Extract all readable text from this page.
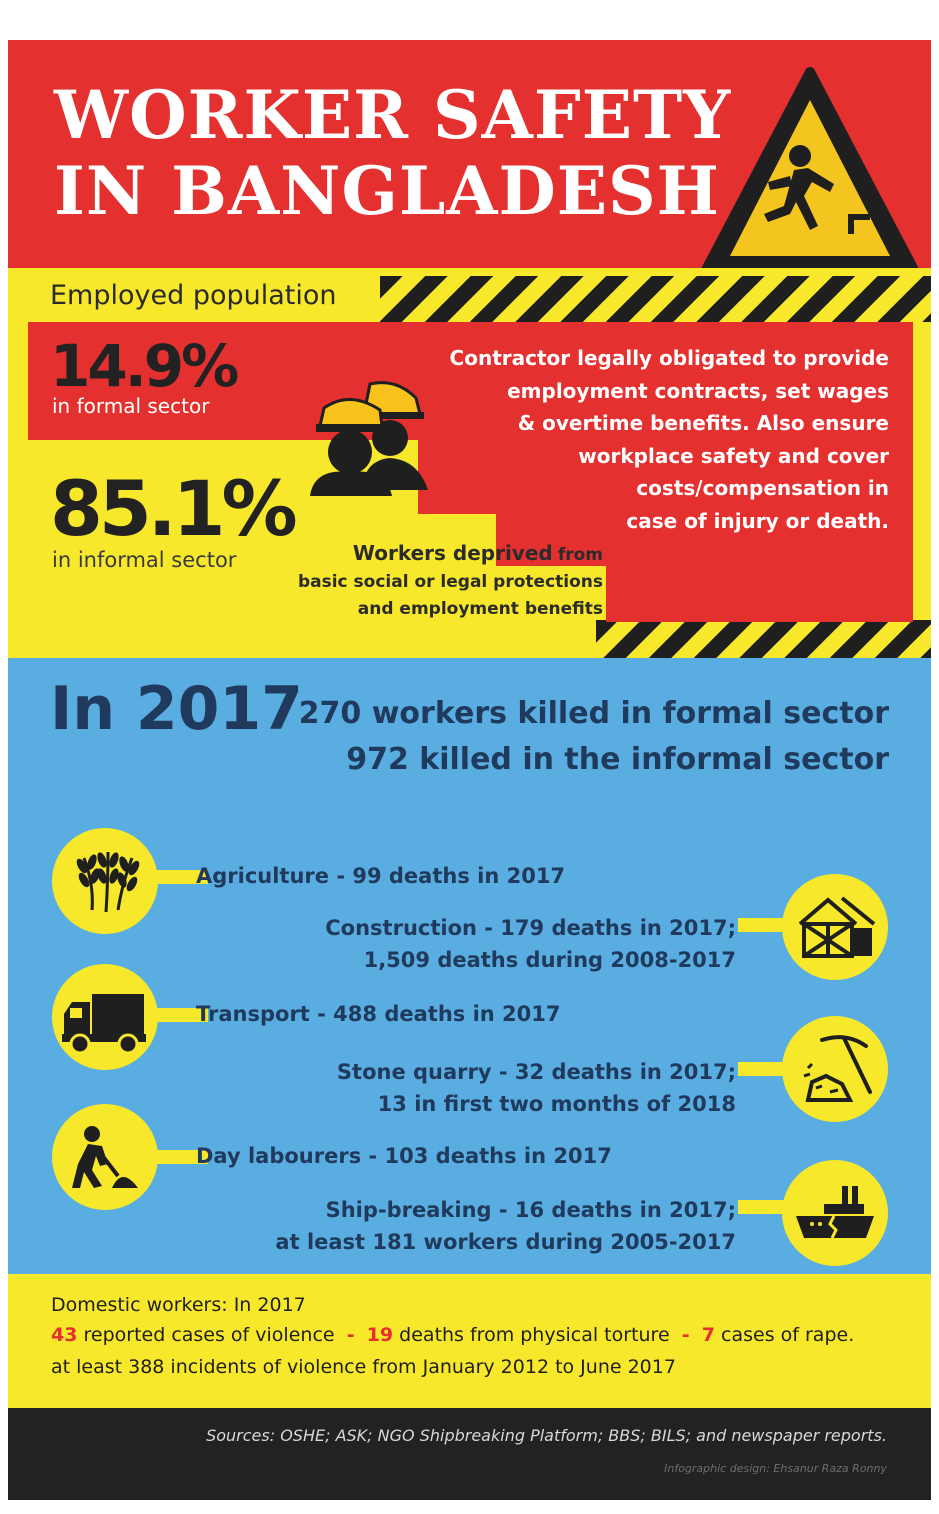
WORKER SAFETY
IN BANGLADESH
Employed population
14.9%
in formal sector
85.1%
in informal sector
Contractor legally obligated to provide
employment contracts, set wages
& overtime benefits. Also ensure
workplace safety and cover
costs/compensation in
case of injury or death.
Workers deprived from
basic social or legal protections
and employment benefits
In 2017
270 workers killed in formal sector
972 killed in the informal sector
Agriculture - 99 deaths in 2017
Construction - 179 deaths in 2017;
1,509 deaths during 2008-2017
Transport - 488 deaths in 2017
Stone quarry - 32 deaths in 2017;
13 in first two months of 2018
Day labourers - 103 deaths in 2017
Ship-breaking - 16 deaths in 2017;
at least 181 workers during 2005-2017
Domestic workers: In 2017
43 reported cases of violence - 19 deaths from physical torture - 7 cases of rape.
at least 388 incidents of violence from January 2012 to June 2017
Sources: OSHE; ASK; NGO Shipbreaking Platform; BBS; BILS; and newspaper reports.
Infographic design: Ehsanur Raza Ronny
